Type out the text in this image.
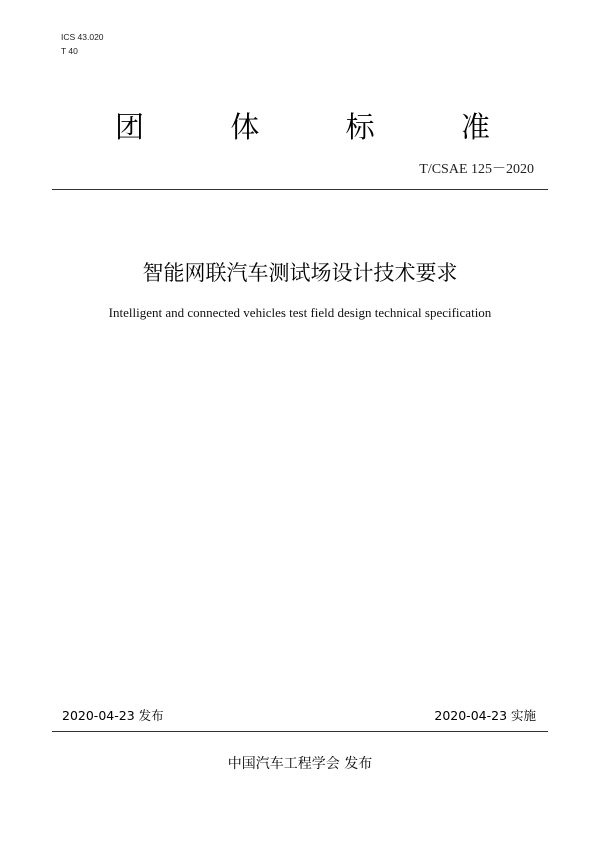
ICS 43.020
T 40
团	体	标	准
T/CSAE 125－2020
智能网联汽车测试场设计技术要求
Intelligent and connected vehicles test field design technical specification
2020-04-23 发布	2020-04-23 实施
中国汽车工程学会 发布
